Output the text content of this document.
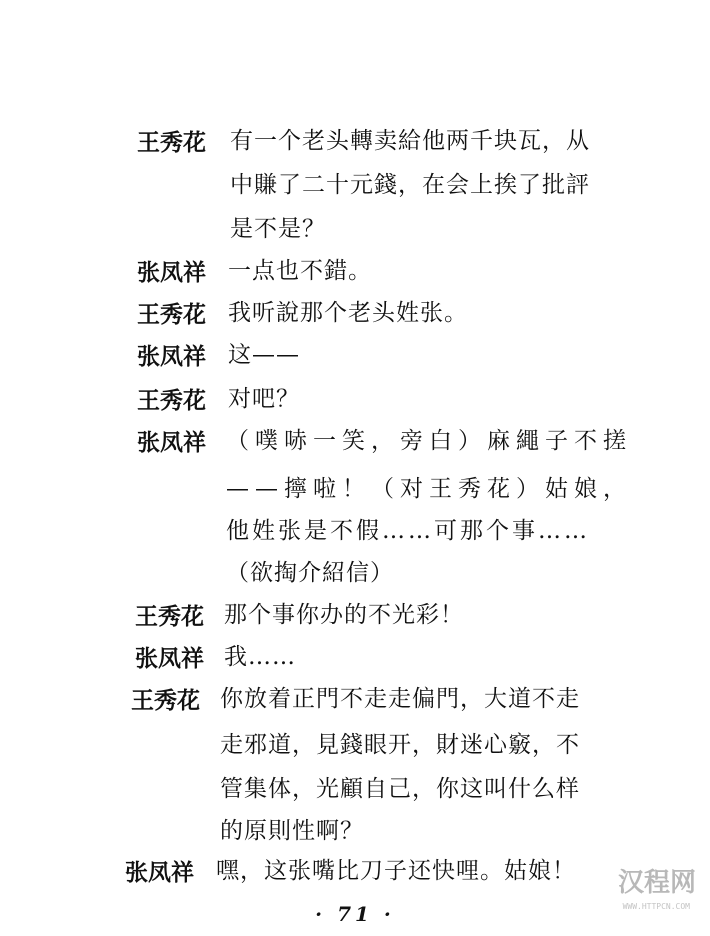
王秀花 有一个老头轉卖給他两千块瓦，从
中賺了二十元錢，在会上挨了批評
是不是？
张凤祥 一点也不錯。
王秀花 我听說那个老头姓张。
张凤祥 这——
王秀花 对吧？
张凤祥 （噗哧一笑，旁白）麻繩子不搓
——擰啦！（对王秀花）姑娘，
他姓张是不假……可那个事……
（欲掏介紹信）
王秀花 那个事你办的不光彩！
张凤祥 我……
王秀花 你放着正門不走走偏門，大道不走
走邪道，見錢眼开，財迷心竅，不
管集体，光顧自己，你这叫什么样
的原則性啊？
张凤祥 嘿，这张嘴比刀子还快哩。姑娘！
· 71 ·
汉程网
WWW.HTTPCN.COM
